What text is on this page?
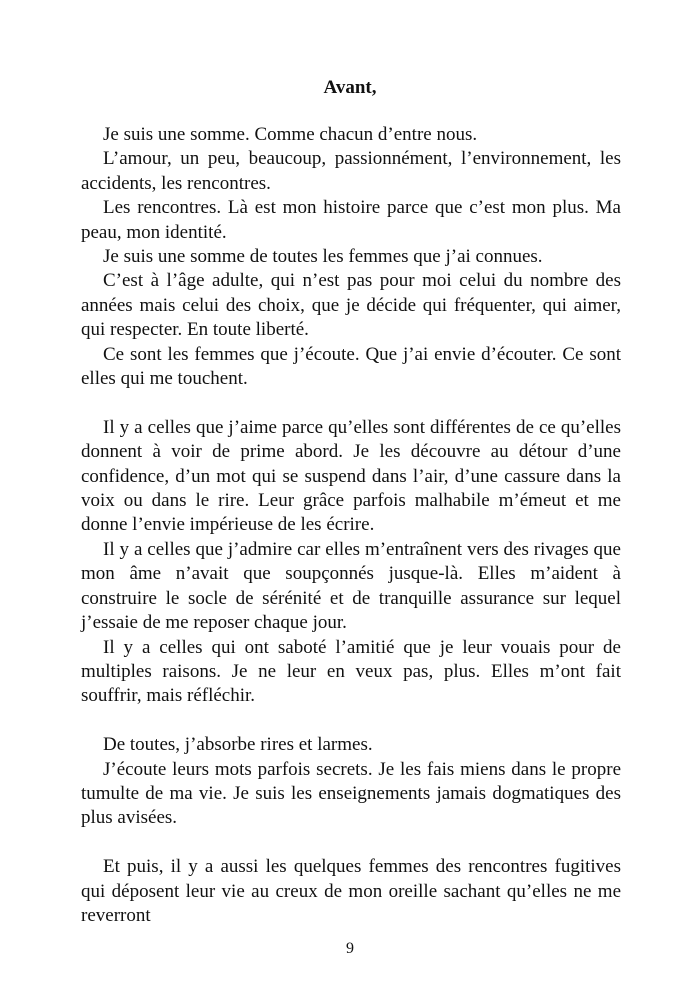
Avant,

Je suis une somme. Comme chacun d’entre nous.

L’amour, un peu, beaucoup, passionnément, l’environnement, les accidents, les rencontres.

Les rencontres. Là est mon histoire parce que c’est mon plus. Ma peau, mon identité.

Je suis une somme de toutes les femmes que j’ai connues.

C’est à l’âge adulte, qui n’est pas pour moi celui du nombre des années mais celui des choix, que je décide qui fréquenter, qui aimer, qui respecter. En toute liberté.

Ce sont les femmes que j’écoute. Que j’ai envie d’écouter. Ce sont elles qui me touchent.

Il y a celles que j’aime parce qu’elles sont différentes de ce qu’elles donnent à voir de prime abord. Je les découvre au détour d’une confidence, d’un mot qui se suspend dans l’air, d’une cassure dans la voix ou dans le rire. Leur grâce parfois malhabile m’émeut et me donne l’envie impérieuse de les écrire.

Il y a celles que j’admire car elles m’entraînent vers des rivages que mon âme n’avait que soupçonnés jusque-là. Elles m’aident à construire le socle de sérénité et de tranquille assurance sur lequel j’essaie de me reposer chaque jour.

Il y a celles qui ont saboté l’amitié que je leur vouais pour de multiples raisons. Je ne leur en veux pas, plus. Elles m’ont fait souffrir, mais réfléchir.

De toutes, j’absorbe rires et larmes.

J’écoute leurs mots parfois secrets. Je les fais miens dans le propre tumulte de ma vie. Je suis les enseignements jamais dogmatiques des plus avisées.

Et puis, il y a aussi les quelques femmes des rencontres fugitives qui déposent leur vie au creux de mon oreille sachant qu’elles ne me reverront

9
